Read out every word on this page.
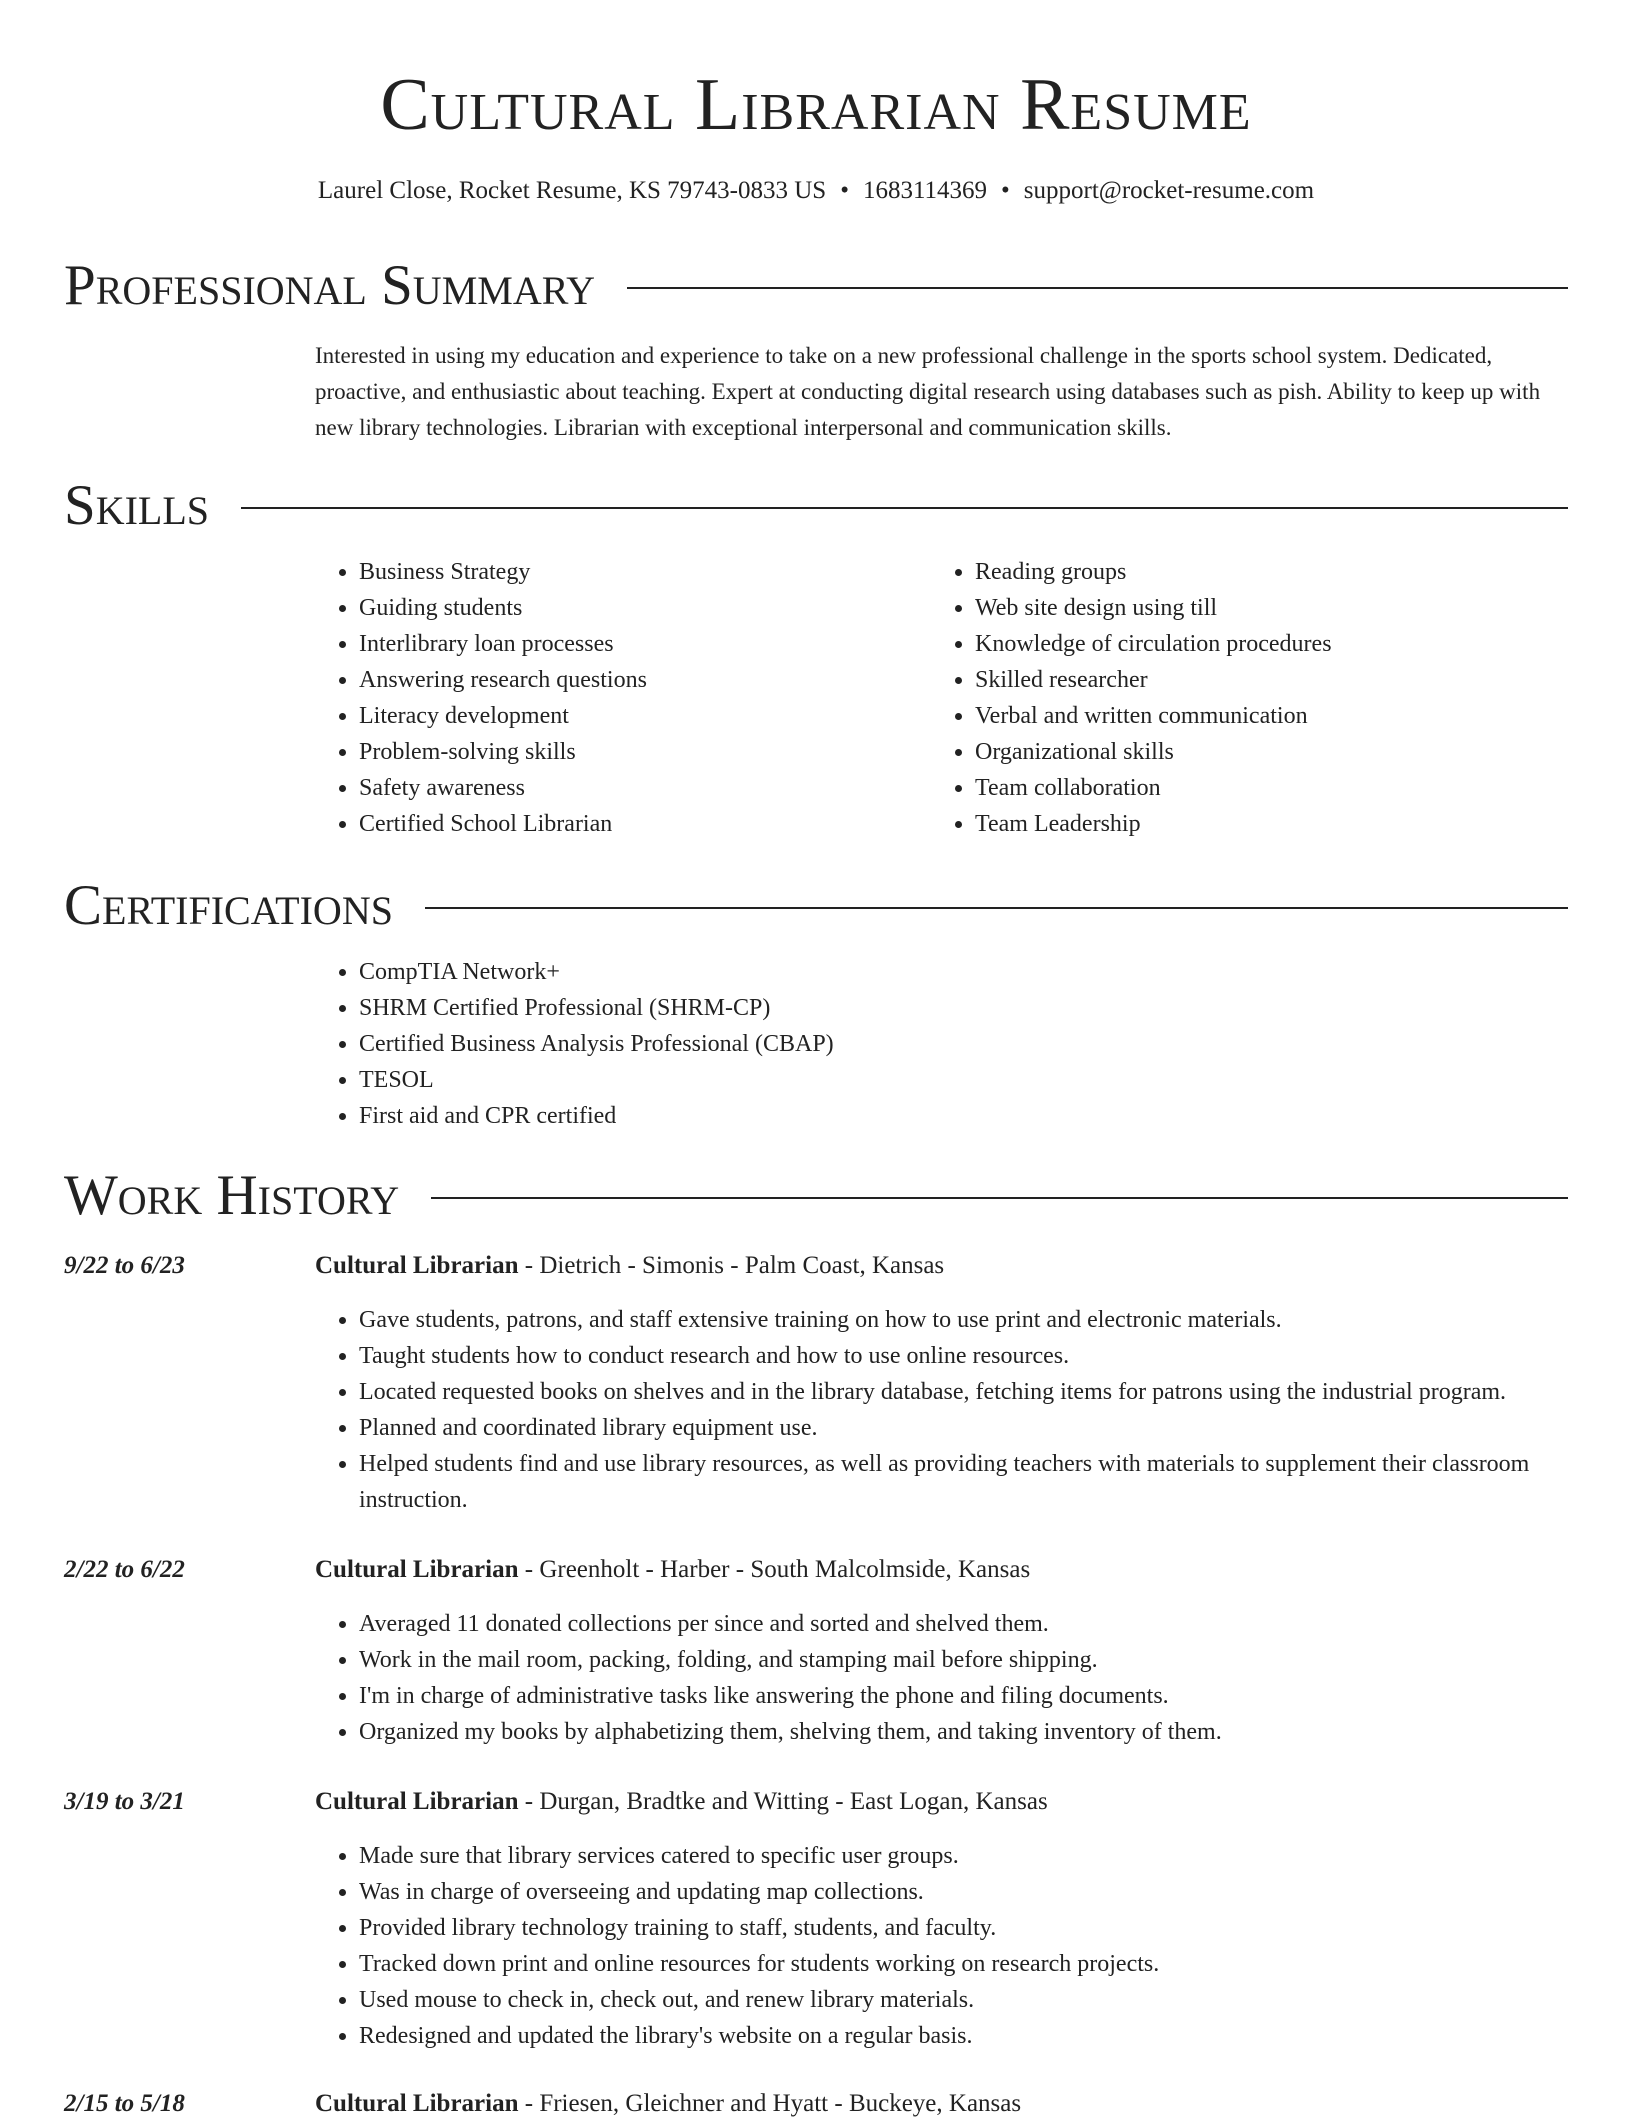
Cultural Librarian Resume
Laurel Close, Rocket Resume, KS 79743-0833 US • 1683114369 • support@rocket-resume.com
Professional Summary

Interested in using my education and experience to take on a new professional challenge in the sports school system. Dedicated, proactive, and enthusiastic about teaching. Expert at conducting digital research using databases such as pish. Ability to keep up with new library technologies. Librarian with exceptional interpersonal and communication skills.

Skills
• Business Strategy
• Guiding students
• Interlibrary loan processes
• Answering research questions
• Literacy development
• Problem-solving skills
• Safety awareness
• Certified School Librarian
• Reading groups
• Web site design using till
• Knowledge of circulation procedures
• Skilled researcher
• Verbal and written communication
• Organizational skills
• Team collaboration
• Team Leadership
Certifications
• CompTIA Network+
• SHRM Certified Professional (SHRM-CP)
• Certified Business Analysis Professional (CBAP)
• TESOL
• First aid and CPR certified
Work History
9/22 to 6/23	Cultural Librarian - Dietrich - Simonis - Palm Coast, Kansas
• Gave students, patrons, and staff extensive training on how to use print and electronic materials.
• Taught students how to conduct research and how to use online resources.
• Located requested books on shelves and in the library database, fetching items for patrons using the industrial program.
• Planned and coordinated library equipment use.
• Helped students find and use library resources, as well as providing teachers with materials to supplement their classroom instruction.
2/22 to 6/22	Cultural Librarian - Greenholt - Harber - South Malcolmside, Kansas
• Averaged 11 donated collections per since and sorted and shelved them.
• Work in the mail room, packing, folding, and stamping mail before shipping.
• I'm in charge of administrative tasks like answering the phone and filing documents.
• Organized my books by alphabetizing them, shelving them, and taking inventory of them.
3/19 to 3/21	Cultural Librarian - Durgan, Bradtke and Witting - East Logan, Kansas
• Made sure that library services catered to specific user groups.
• Was in charge of overseeing and updating map collections.
• Provided library technology training to staff, students, and faculty.
• Tracked down print and online resources for students working on research projects.
• Used mouse to check in, check out, and renew library materials.
• Redesigned and updated the library's website on a regular basis.
2/15 to 5/18	Cultural Librarian - Friesen, Gleichner and Hyatt - Buckeye, Kansas
